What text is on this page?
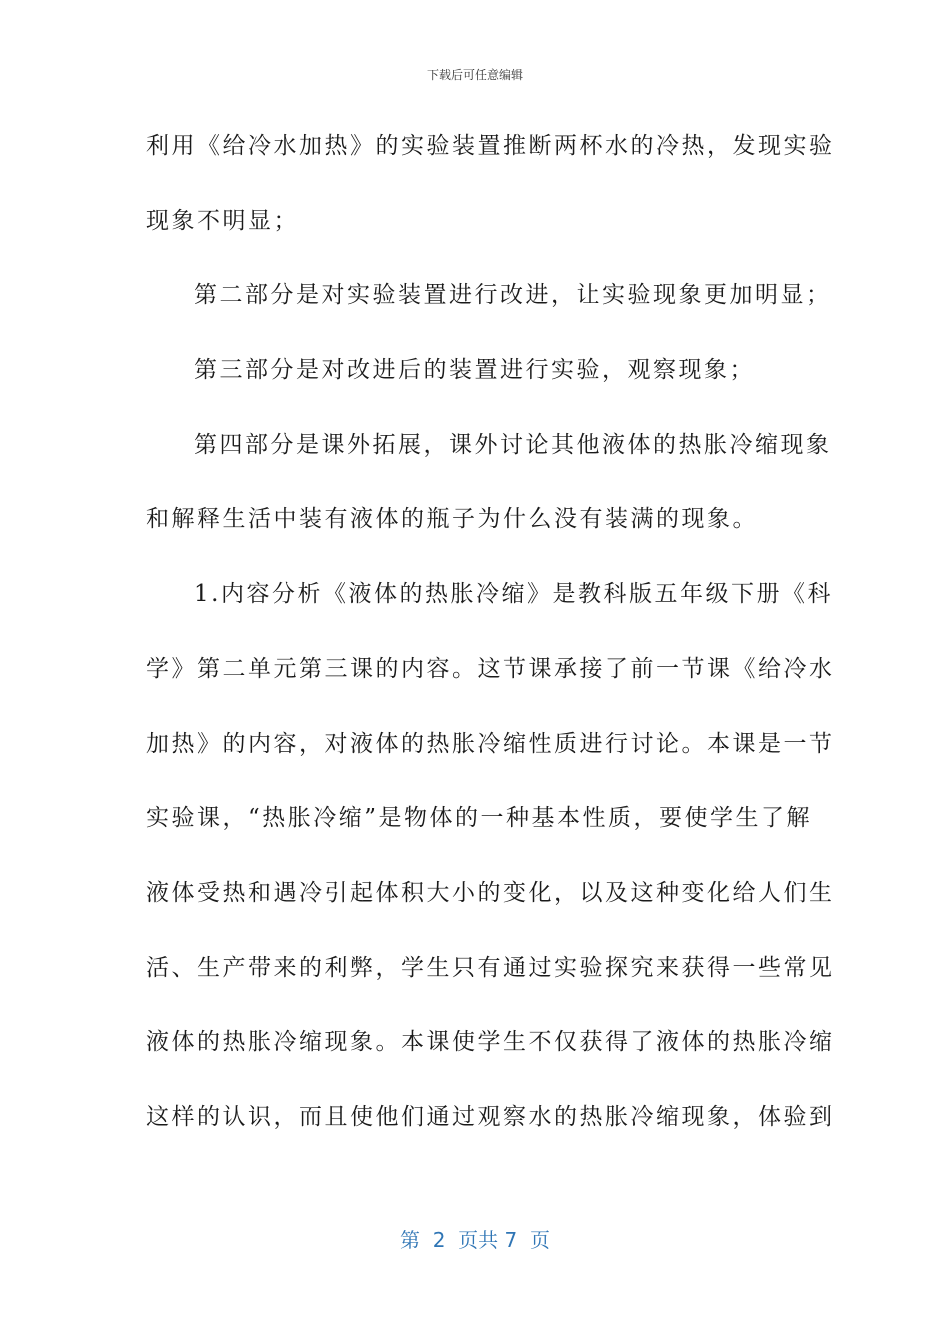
下载后可任意编辑
利用《给冷水加热》的实验装置推断两杯水的冷热，发现实验
现象不明显；
第二部分是对实验装置进行改进，让实验现象更加明显；
第三部分是对改进后的装置进行实验，观察现象；
第四部分是课外拓展，课外讨论其他液体的热胀冷缩现象
和解释生活中装有液体的瓶子为什么没有装满的现象。
1.内容分析《液体的热胀冷缩》是教科版五年级下册《科
学》第二单元第三课的内容。这节课承接了前一节课《给冷水
加热》的内容，对液体的热胀冷缩性质进行讨论。本课是一节
实验课，“热胀冷缩”是物体的一种基本性质，要使学生了解
液体受热和遇冷引起体积大小的变化，以及这种变化给人们生
活、生产带来的利弊，学生只有通过实验探究来获得一些常见
液体的热胀冷缩现象。本课使学生不仅获得了液体的热胀冷缩
这样的认识，而且使他们通过观察水的热胀冷缩现象，体验到
第  2  页共 7  页
